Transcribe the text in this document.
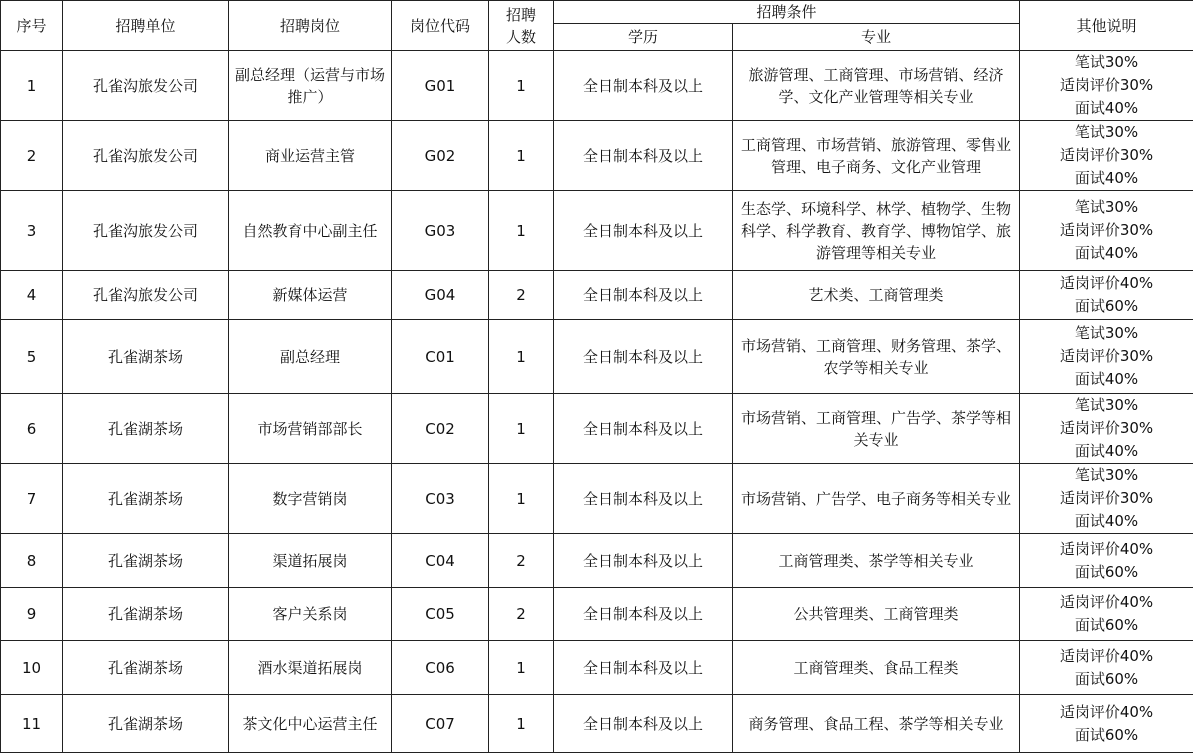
序号	招聘单位	招聘岗位	岗位代码	招聘人数	招聘条件		其他说明
					学历	专业	
1	孔雀沟旅发公司	副总经理（运营与市场推广）	G01	1	全日制本科及以上	旅游管理、工商管理、市场营销、经济学、文化产业管理等相关专业	笔试30%
适岗评价30%
面试40%

2	孔雀沟旅发公司	商业运营主管	G02	1	全日制本科及以上	工商管理、市场营销、旅游管理、零售业管理、电子商务、文化产业管理	笔试30%
适岗评价30%
面试40%

3	孔雀沟旅发公司	自然教育中心副主任	G03	1	全日制本科及以上	生态学、环境科学、林学、植物学、生物科学、科学教育、教育学、博物馆学、旅游管理等相关专业	笔试30%
适岗评价30%
面试40%

4	孔雀沟旅发公司	新媒体运营	G04	2	全日制本科及以上	艺术类、工商管理类	适岗评价40%
面试60%

5	孔雀湖茶场	副总经理	C01	1	全日制本科及以上	市场营销、工商管理、财务管理、茶学、农学等相关专业	笔试30%
适岗评价30%
面试40%

6	孔雀湖茶场	市场营销部部长	C02	1	全日制本科及以上	市场营销、工商管理、广告学、茶学等相关专业	笔试30%
适岗评价30%
面试40%

7	孔雀湖茶场	数字营销岗	C03	1	全日制本科及以上	市场营销、广告学、电子商务等相关专业	笔试30%
适岗评价30%
面试40%

8	孔雀湖茶场	渠道拓展岗	C04	2	全日制本科及以上	工商管理类、茶学等相关专业	适岗评价40%
面试60%

9	孔雀湖茶场	客户关系岗	C05	2	全日制本科及以上	公共管理类、工商管理类	适岗评价40%
面试60%

10	孔雀湖茶场	酒水渠道拓展岗	C06	1	全日制本科及以上	工商管理类、食品工程类	适岗评价40%
面试60%

11	孔雀湖茶场	茶文化中心运营主任	C07	1	全日制本科及以上	商务管理、食品工程、茶学等相关专业	适岗评价40%
面试60%
